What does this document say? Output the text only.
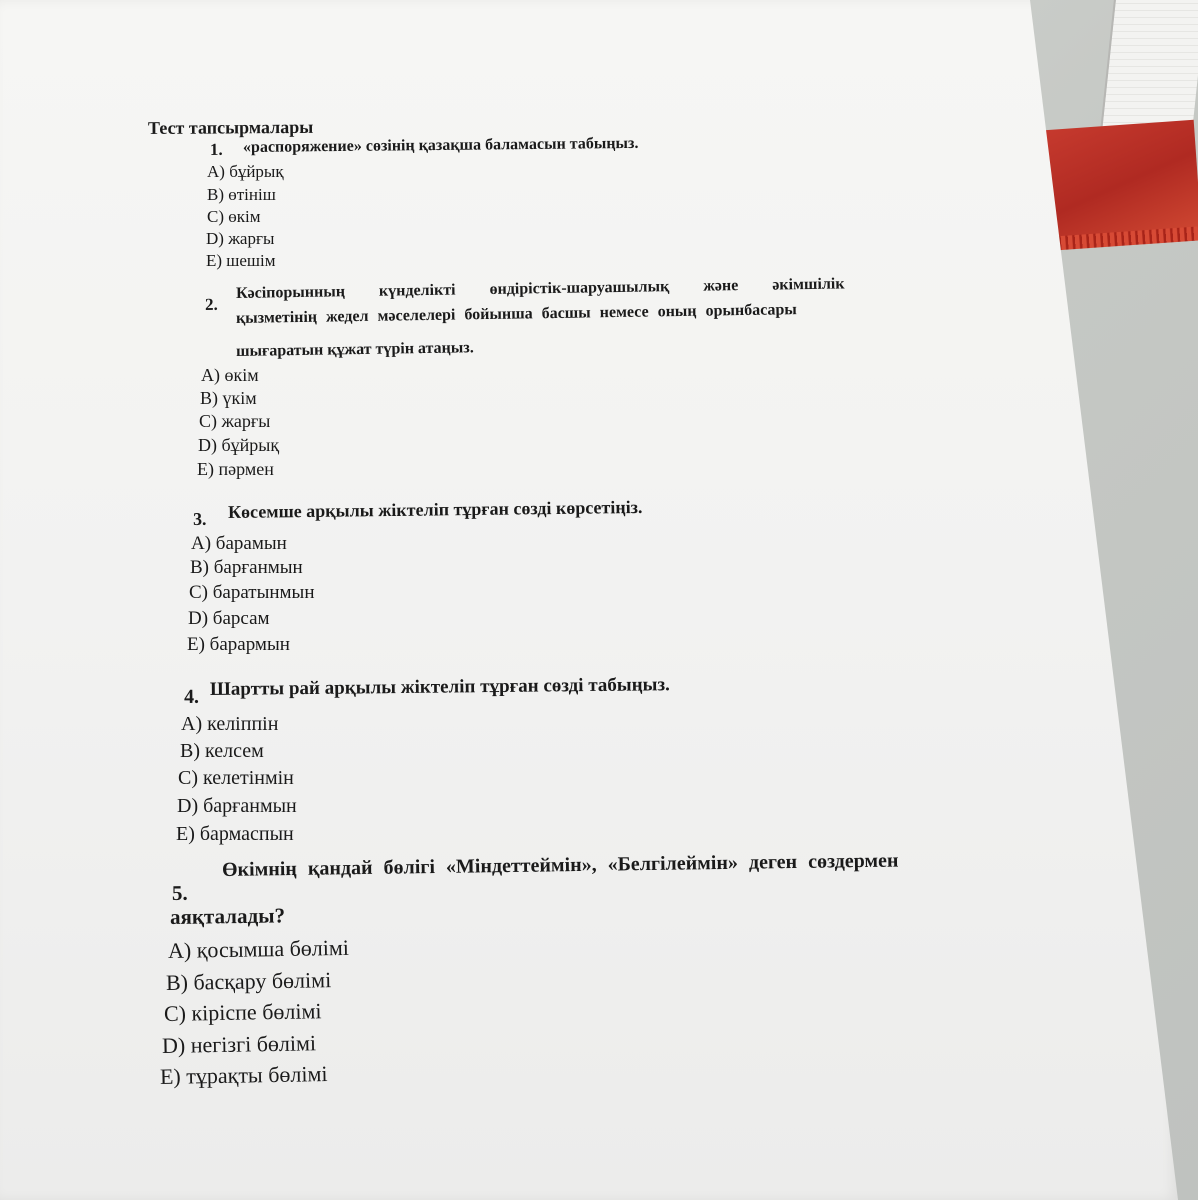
Тест тапсырмалары
1. «распоряжение» сөзінің қазақша баламасын табыңыз.
A) бұйрық
B) өтініш
C) өкім
D) жарғы
E) шешім
2.
Кәсіпорынның күнделікті өндірістік-шаруашылық және әкімшілік
қызметінің жедел мәселелері бойынша басшы немесе оның орынбасары
шығаратын құжат түрін атаңыз.
A) өкім
B) үкім
C) жарғы
D) бұйрық
E) пәрмен
3. Көсемше арқылы жіктеліп тұрған сөзді көрсетіңіз.
A) барамын
B) барғанмын
C) баратынмын
D) барсам
E) барармын
4. Шартты рай арқылы жіктеліп тұрған сөзді табыңыз.
A) келіппін
B) келсем
C) келетінмін
D) барғанмын
E) бармаспын
5.
Өкімнің қандай бөлігі «Міндеттеймін», «Белгілеймін» деген сөздермен
аяқталады?
A) қосымша бөлімі
B) басқару бөлімі
C) кіріспе бөлімі
D) негізгі бөлімі
E) тұрақты бөлімі
